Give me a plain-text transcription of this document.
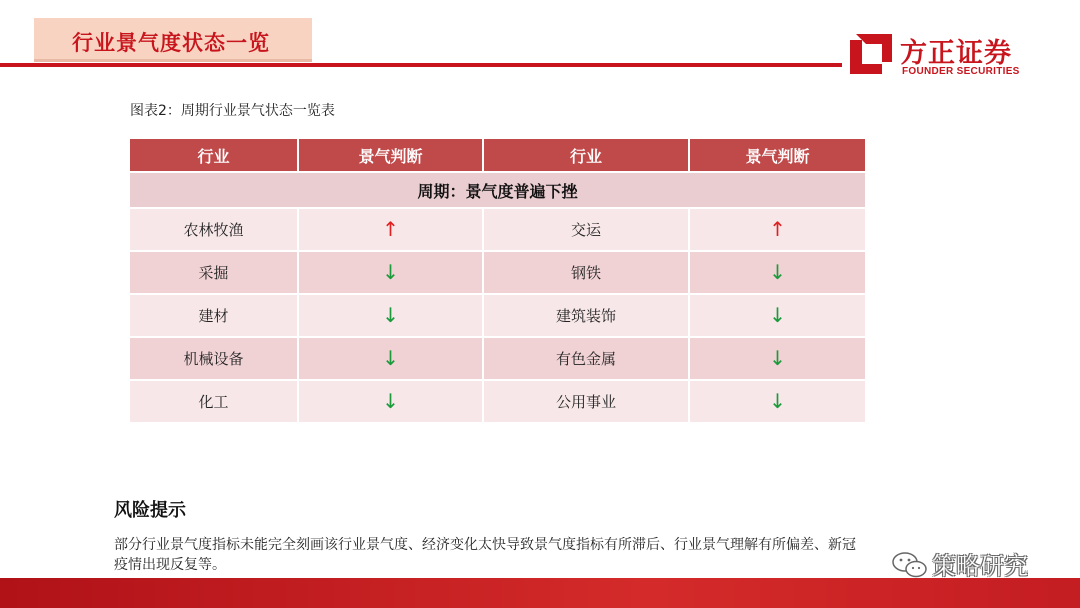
行业景气度状态一览	方正证券
FOUNDER SECURITIES
图表2：周期行业景气状态一览表
行业	景气判断	行业	景气判断
周期：景气度普遍下挫			
农林牧渔	↑	交运	↑
采掘	↓	钢铁	↓
建材	↓	建筑装饰	↓
机械设备	↓	有色金属	↓
化工	↓	公用事业	↓
风险提示
部分行业景气度指标未能完全刻画该行业景气度、经济变化太快导致景气度指标有所滞后、行业景气理解有所偏差、新冠
疫情出现反复等。	策略研究
